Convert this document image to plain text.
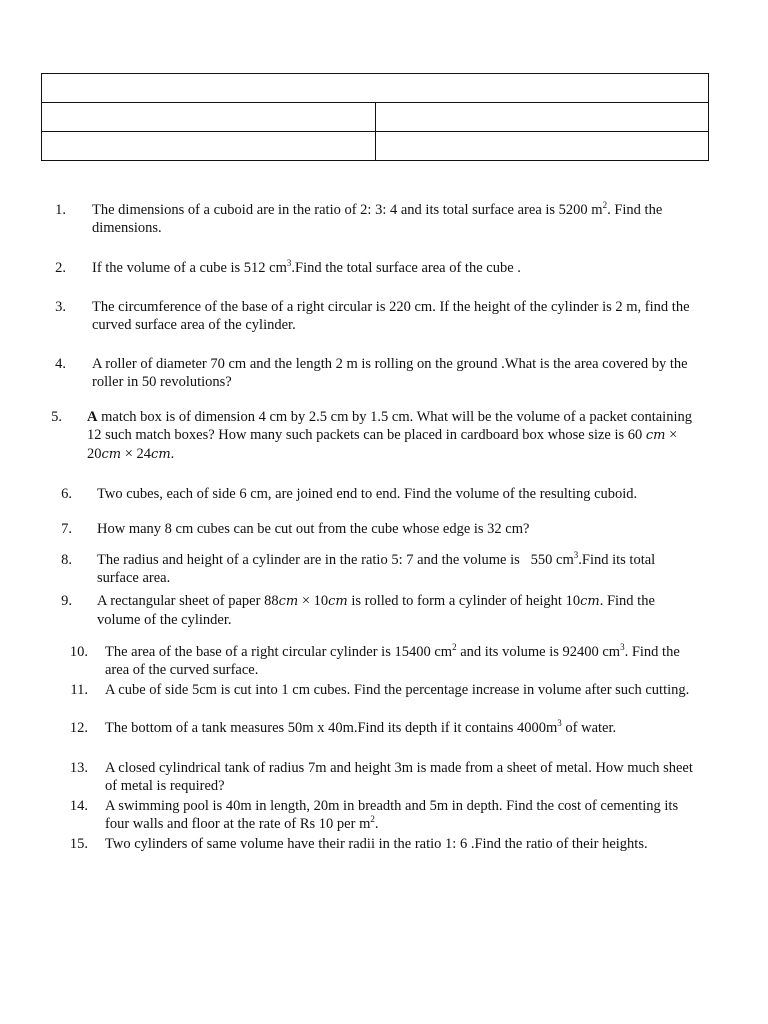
1. The dimensions of a cuboid are in the ratio of 2: 3: 4 and its total surface area is 5200 $m^2$. Find the dimensions.
2. If the volume of a cube is 512 $cm^3.Find$ the total surface area of the cube .
3. The circumference of the base of a right circular is 220 cm. If the height of the cylinder is 2 m, find the curved surface area of the cylinder.
4. A roller of diameter 70 cm and the length 2 m is rolling on the ground .What is the area covered by the roller in 50 revolutions?
5. A match box is of dimension 4 cm by 2.5 cm by 1.5 cm. What will be the volume of a packet containing 12 such match boxes? How many such packets can be placed in cardboard box whose size is 60 cm × 20cm × 24cm.
6. Two cubes, each of side 6 cm, are joined end to end. Find the volume of the resulting cuboid.
7. How many 8 cm cubes can be cut out from the cube whose edge is 32 cm?
8. The radius and height of a cylinder are in the ratio 5: 7 and the volume is   550 $cm^3.Find$ its total surface area.
9. A rectangular sheet of paper 88cm × 10cm is rolled to form a cylinder of height 10cm. Find the volume of the cylinder.
10. The area of the base of a right circular cylinder is 15400 $cm^2$ and its volume is 92400 $cm^3$. Find the area of the curved surface.
11. A cube of side 5cm is cut into 1 cm cubes. Find the percentage increase in volume after such cutting.
12. The bottom of a tank measures 50m x 40m.Find its depth if it contains $4000m^3$ of water.
13. A closed cylindrical tank of radius 7m and height 3m is made from a sheet of metal. How much sheet of metal is required?
14. A swimming pool is 40m in length, 20m in breadth and 5m in depth. Find the cost of cementing its four walls and floor at the rate of Rs 10 per $m^2$.
15. Two cylinders of same volume have their radii in the ratio 1: 6 .Find the ratio of their heights.
